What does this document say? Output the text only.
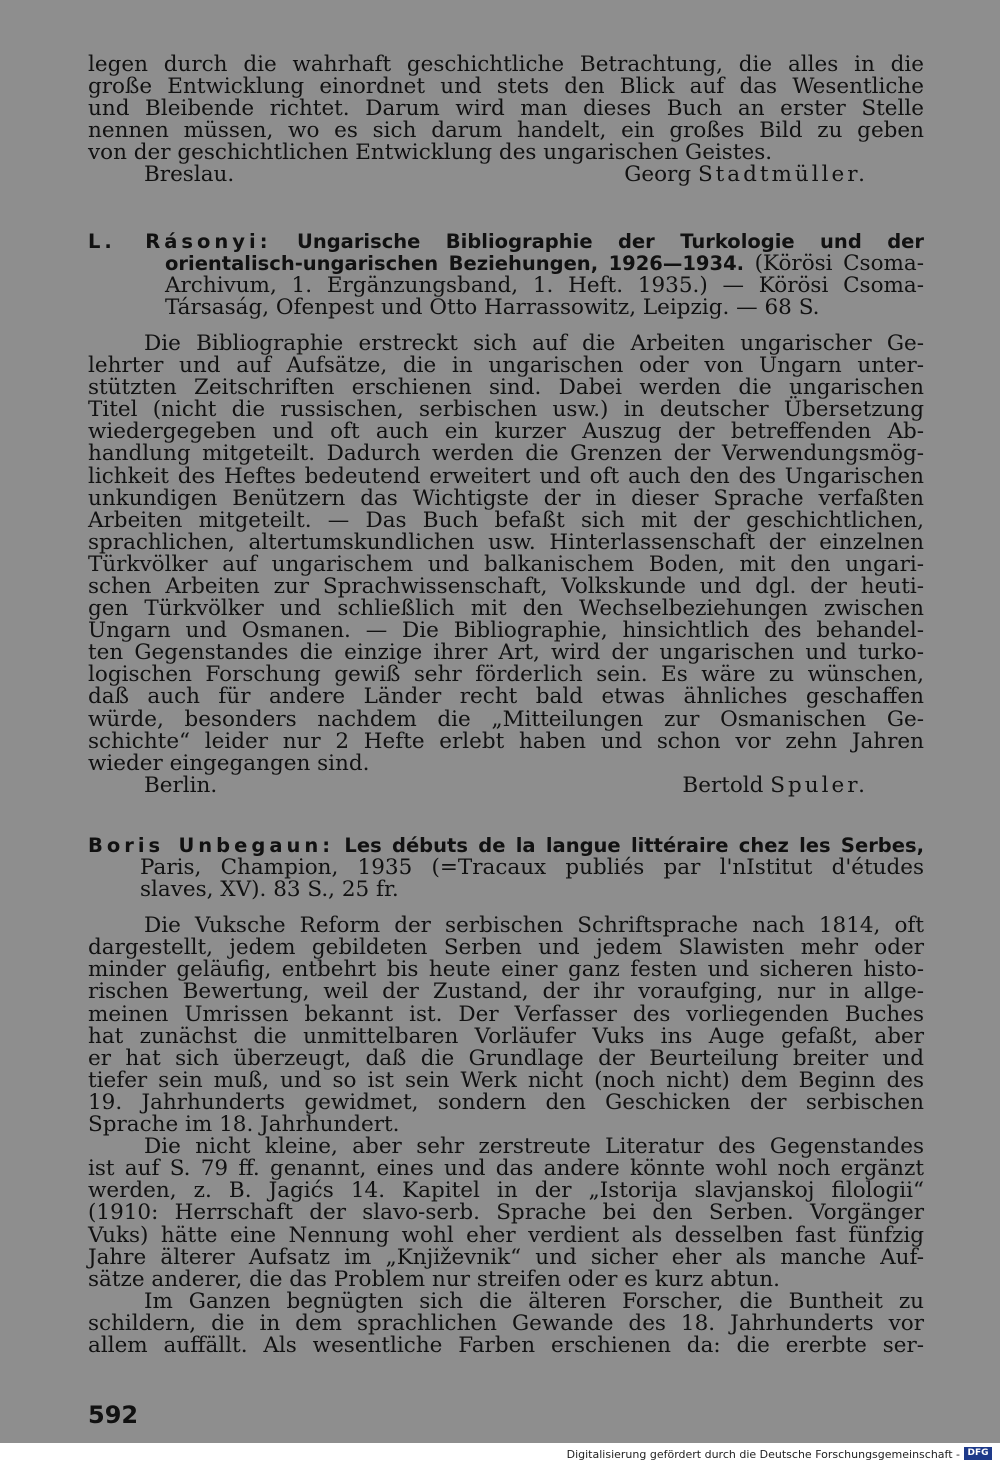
legen durch die wahrhaft geschichtliche Betrachtung, die alles in die

große Entwicklung einordnet und stets den Blick auf das Wesentliche

und Bleibende richtet. Darum wird man dieses Buch an erster Stelle

nennen müssen, wo es sich darum handelt, ein großes Bild zu geben

von der geschichtlichen Entwicklung des ungarischen Geistes.

Breslau.	Georg Stadtmüller.

L. Rásonyi: Ungarische Bibliographie der Turkologie und der

orientalisch-ungarischen Beziehungen, 1926—1934. (Körösi Csoma-

Archivum, 1. Ergänzungsband, 1. Heft. 1935.) — Körösi Csoma-

Társaság, Ofenpest und Otto Harrassowitz, Leipzig. — 68 S.

Die Bibliographie erstreckt sich auf die Arbeiten ungarischer Ge-

lehrter und auf Aufsätze, die in ungarischen oder von Ungarn unter-

stützten Zeitschriften erschienen sind. Dabei werden die ungarischen

Titel (nicht die russischen, serbischen usw.) in deutscher Übersetzung

wiedergegeben und oft auch ein kurzer Auszug der betreffenden Ab-

handlung mitgeteilt. Dadurch werden die Grenzen der Verwendungsmög-

lichkeit des Heftes bedeutend erweitert und oft auch den des Ungarischen

unkundigen Benützern das Wichtigste der in dieser Sprache verfaßten

Arbeiten mitgeteilt. — Das Buch befaßt sich mit der geschichtlichen,

sprachlichen, altertumskundlichen usw. Hinterlassenschaft der einzelnen

Türkvölker auf ungarischem und balkanischem Boden, mit den ungari-

schen Arbeiten zur Sprachwissenschaft, Volkskunde und dgl. der heuti-

gen Türkvölker und schließlich mit den Wechselbeziehungen zwischen

Ungarn und Osmanen. — Die Bibliographie, hinsichtlich des behandel-

ten Gegenstandes die einzige ihrer Art, wird der ungarischen und turko-

logischen Forschung gewiß sehr förderlich sein. Es wäre zu wünschen,

daß auch für andere Länder recht bald etwas ähnliches geschaffen

würde, besonders nachdem die „Mitteilungen zur Osmanischen Ge-

schichte“ leider nur 2 Hefte erlebt haben und schon vor zehn Jahren

wieder eingegangen sind.

Berlin.	Bertold Spuler.

Boris Unbegaun: Les débuts de la langue littéraire chez les Serbes,

Paris, Champion, 1935 (=Tracaux publiés par l'nIstitut d'études

slaves, XV). 83 S., 25 fr.

Die Vuksche Reform der serbischen Schriftsprache nach 1814, oft

dargestellt, jedem gebildeten Serben und jedem Slawisten mehr oder

minder geläufig, entbehrt bis heute einer ganz festen und sicheren histo-

rischen Bewertung, weil der Zustand, der ihr voraufging, nur in allge-

meinen Umrissen bekannt ist. Der Verfasser des vorliegenden Buches

hat zunächst die unmittelbaren Vorläufer Vuks ins Auge gefaßt, aber

er hat sich überzeugt, daß die Grundlage der Beurteilung breiter und

tiefer sein muß, und so ist sein Werk nicht (noch nicht) dem Beginn des

19. Jahrhunderts gewidmet, sondern den Geschicken der serbischen

Sprache im 18. Jahrhundert.

Die nicht kleine, aber sehr zerstreute Literatur des Gegenstandes

ist auf S. 79 ff. genannt, eines und das andere könnte wohl noch ergänzt

werden, z. B. Jagićs 14. Kapitel in der „Istorija slavjanskoj filologii“

(1910: Herrschaft der slavo-serb. Sprache bei den Serben. Vorgänger

Vuks) hätte eine Nennung wohl eher verdient als desselben fast fünfzig

Jahre älterer Aufsatz im „Književnik“ und sicher eher als manche Auf-

sätze anderer, die das Problem nur streifen oder es kurz abtun.

Im Ganzen begnügten sich die älteren Forscher, die Buntheit zu

schildern, die in dem sprachlichen Gewande des 18. Jahrhunderts vor

allem auffällt. Als wesentliche Farben erschienen da: die ererbte ser-

592
Digitalisierung gefördert durch die Deutsche Forschungsgemeinschaft - DFG
